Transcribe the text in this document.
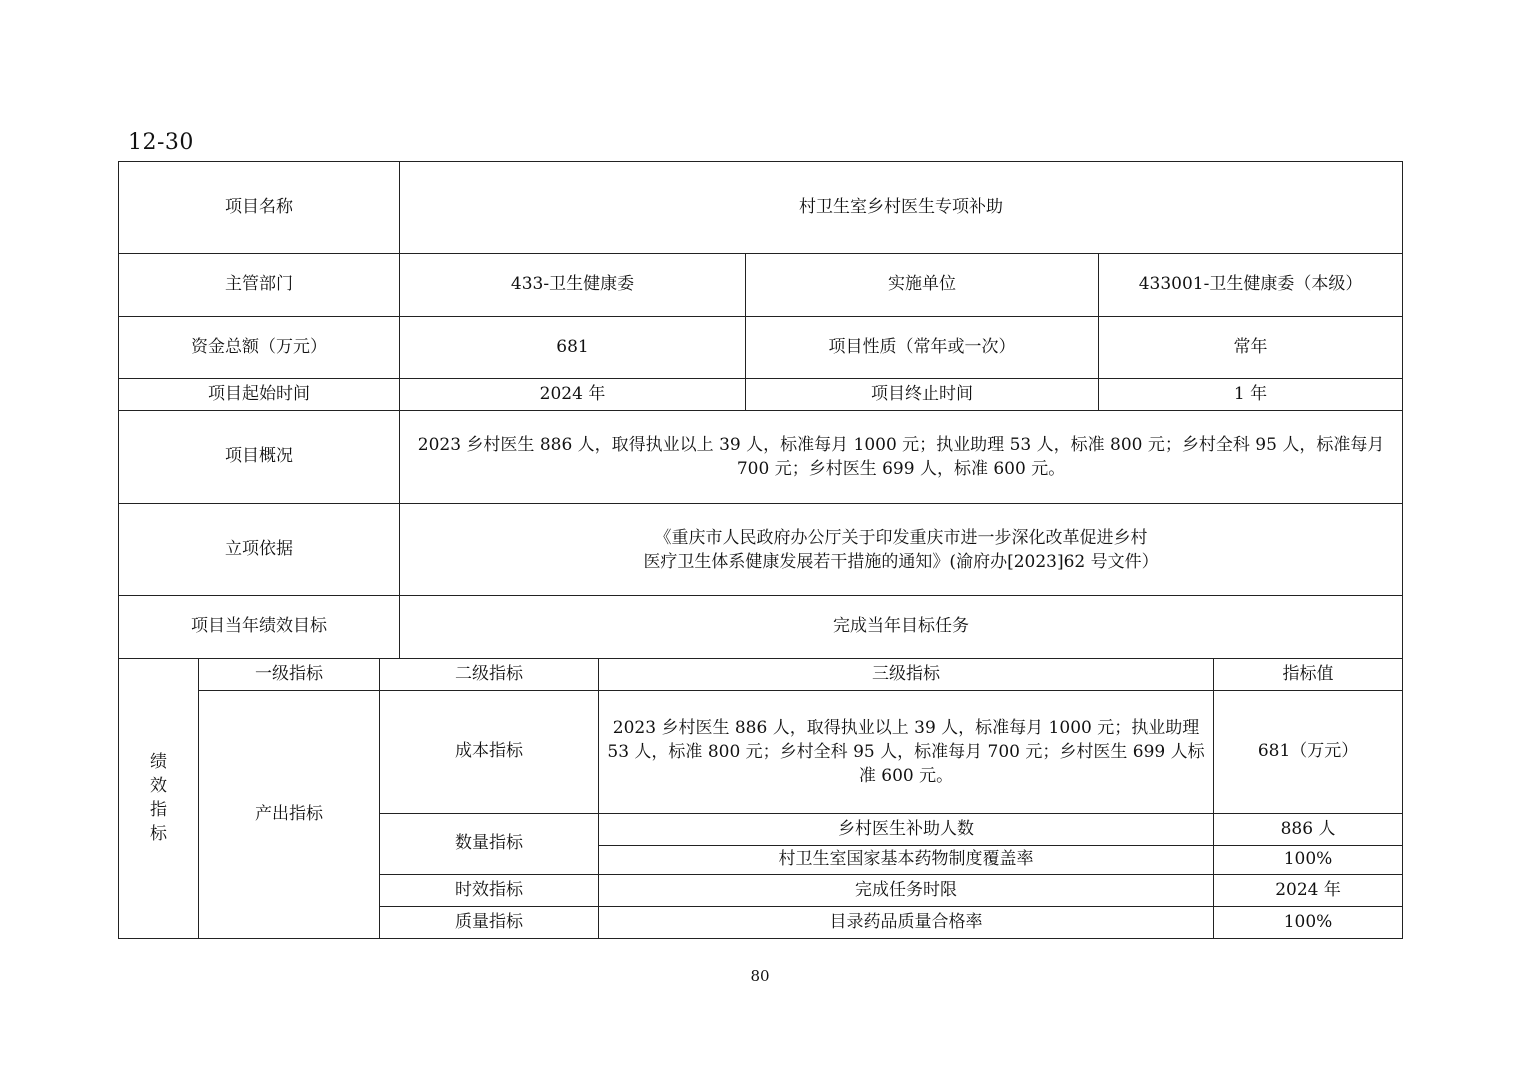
12-30
项目名称			村卫生室乡村医生专项补助				
主管部门			433-卫生健康委		实施单位	433001-卫生健康委（本级）	
资金总额（万元）			681		项目性质（常年或一次）	常年	
项目起始时间			2024 年		项目终止时间	1 年	
项目概况			2023 乡村医生 886 人，取得执业以上 39 人，标准每月 1000 元；执业助理 53 人，标准 800 元；乡村全科 95 人，标准每月 700 元；乡村医生 699 人，标准 600 元。				
立项依据			《重庆市人民政府办公厅关于印发重庆市进一步深化改革促进乡村
医疗卫生体系健康发展若干措施的通知》(渝府办[2023]62 号文件）				

项目当年绩效目标			完成当年目标任务				
绩效指标	一级指标	二级指标		三级指标			指标值
	产出指标	成本指标		2023 乡村医生 886 人，取得执业以上 39 人，标准每月 1000 元；执业助理 53 人，标准 800 元；乡村全科 95 人，标准每月 700 元；乡村医生 699 人标准 600 元。			681（万元）
		数量指标		乡村医生补助人数			886 人
				村卫生室国家基本药物制度覆盖率			100%
		时效指标		完成任务时限			2024 年
		质量指标		目录药品质量合格率			100%
80
